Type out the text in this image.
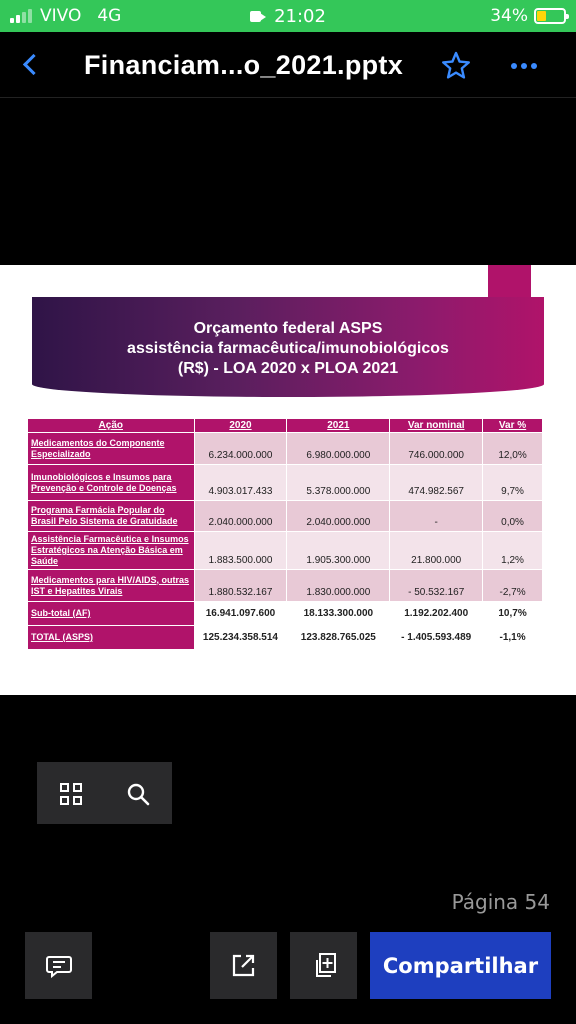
VIVO 4G	21:02	34%
Financiam...o_2021.pptx
Orçamento federal ASPS
assistência farmacêutica/imunobiológicos
(R$) - LOA 2020 x PLOA 2021
Ação	2020	2021	Var nominal	Var %
Medicamentos do Componente Especializado	6.234.000.000	6.980.000.000	746.000.000	12,0%
Imunobiológicos e Insumos para Prevenção e Controle de Doenças	4.903.017.433	5.378.000.000	474.982.567	9,7%
Programa Farmácia Popular do Brasil Pelo Sistema de Gratuidade	2.040.000.000	2.040.000.000	-	0,0%
Assistência Farmacêutica e Insumos Estratégicos na Atenção Básica em Saúde	1.883.500.000	1.905.300.000	21.800.000	1,2%
Medicamentos para HIV/AIDS, outras IST e Hepatites Virais	1.880.532.167	1.830.000.000	- 50.532.167	-2,7%
Sub-total (AF)	16.941.097.600	18.133.300.000	1.192.202.400	10,7%
TOTAL (ASPS)	125.234.358.514	123.828.765.025	- 1.405.593.489	-1,1%
Página 54
Compartilhar
